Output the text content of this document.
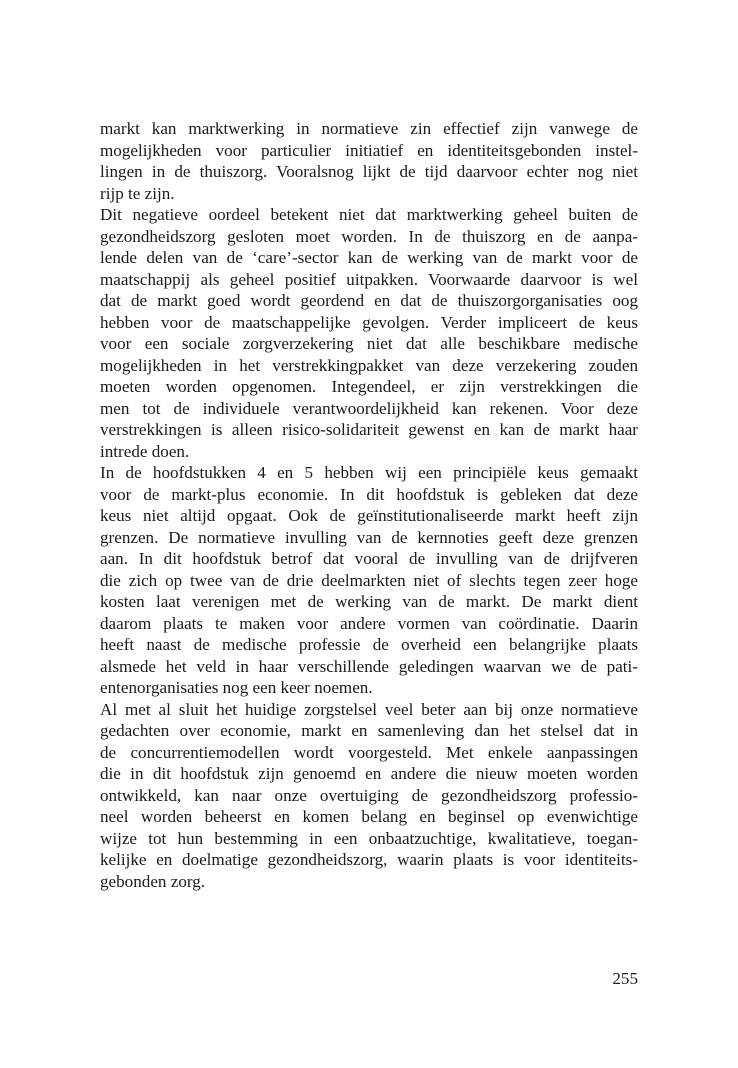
markt kan marktwerking in normatieve zin effectief zijn vanwege de
mogelijkheden voor particulier initiatief en identiteitsgebonden instel-
lingen in de thuiszorg. Vooralsnog lijkt de tijd daarvoor echter nog niet
rijp te zijn.
Dit negatieve oordeel betekent niet dat marktwerking geheel buiten de
gezondheidszorg gesloten moet worden. In de thuiszorg en de aanpa-
lende delen van de ‘care’-sector kan de werking van de markt voor de
maatschappij als geheel positief uitpakken. Voorwaarde daarvoor is wel
dat de markt goed wordt geordend en dat de thuiszorgorganisaties oog
hebben voor de maatschappelijke gevolgen. Verder impliceert de keus
voor een sociale zorgverzekering niet dat alle beschikbare medische
mogelijkheden in het verstrekkingpakket van deze verzekering zouden
moeten worden opgenomen. Integendeel, er zijn verstrekkingen die
men tot de individuele verantwoordelijkheid kan rekenen. Voor deze
verstrekkingen is alleen risico-solidariteit gewenst en kan de markt haar
intrede doen.
In de hoofdstukken 4 en 5 hebben wij een principiële keus gemaakt
voor de markt-plus economie. In dit hoofdstuk is gebleken dat deze
keus niet altijd opgaat. Ook de geïnstitutionaliseerde markt heeft zijn
grenzen. De normatieve invulling van de kernnoties geeft deze grenzen
aan. In dit hoofdstuk betrof dat vooral de invulling van de drijfveren
die zich op twee van de drie deelmarkten niet of slechts tegen zeer hoge
kosten laat verenigen met de werking van de markt. De markt dient
daarom plaats te maken voor andere vormen van coördinatie. Daarin
heeft naast de medische professie de overheid een belangrijke plaats
alsmede het veld in haar verschillende geledingen waarvan we de pati-
entenorganisaties nog een keer noemen.
Al met al sluit het huidige zorgstelsel veel beter aan bij onze normatieve
gedachten over economie, markt en samenleving dan het stelsel dat in
de concurrentiemodellen wordt voorgesteld. Met enkele aanpassingen
die in dit hoofdstuk zijn genoemd en andere die nieuw moeten worden
ontwikkeld, kan naar onze overtuiging de gezondheidszorg professio-
neel worden beheerst en komen belang en beginsel op evenwichtige
wijze tot hun bestemming in een onbaatzuchtige, kwalitatieve, toegan-
kelijke en doelmatige gezondheidszorg, waarin plaats is voor identiteits-
gebonden zorg.
255
